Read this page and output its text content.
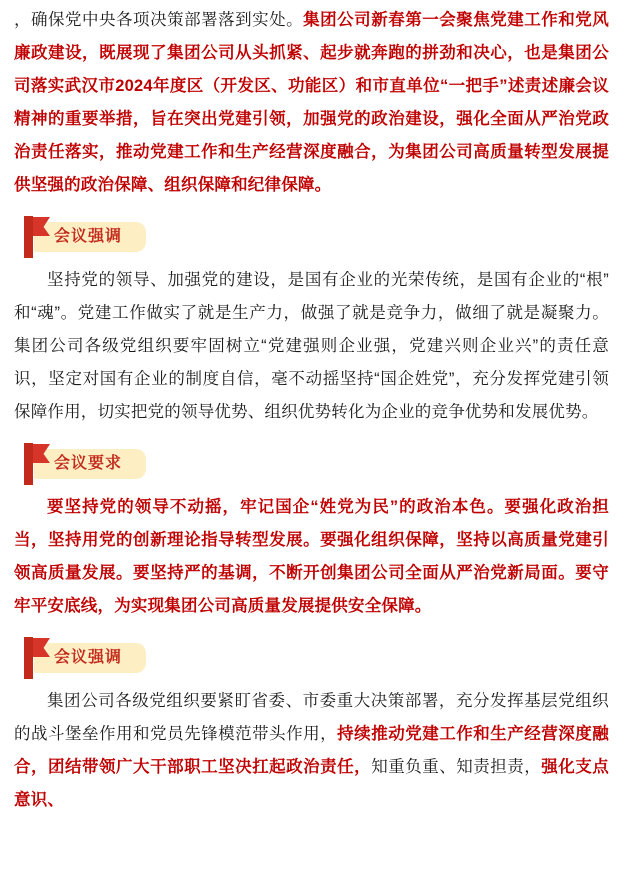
，确保党中央各项决策部署落到实处。集团公司新春第一会聚焦党建工作和党风廉政建设，既展现了集团公司从头抓紧、起步就奔跑的拼劲和决心，也是集团公司落实武汉市2024年度区（开发区、功能区）和市直单位“一把手”述责述廉会议精神的重要举措，旨在突出党建引领，加强党的政治建设，强化全面从严治党政治责任落实，推动党建工作和生产经营深度融合，为集团公司高质量转型发展提供坚强的政治保障、组织保障和纪律保障。

会议强调

坚持党的领导、加强党的建设，是国有企业的光荣传统，是国有企业的“根”和“魂”。党建工作做实了就是生产力，做强了就是竞争力，做细了就是凝聚力。集团公司各级党组织要牢固树立“党建强则企业强，党建兴则企业兴”的责任意识，坚定对国有企业的制度自信，毫不动摇坚持“国企姓党”，充分发挥党建引领保障作用，切实把党的领导优势、组织优势转化为企业的竞争优势和发展优势。

会议要求

要坚持党的领导不动摇，牢记国企“姓党为民”的政治本色。要强化政治担当，坚持用党的创新理论指导转型发展。要强化组织保障，坚持以高质量党建引领高质量发展。要坚持严的基调，不断开创集团公司全面从严治党新局面。要守牢平安底线，为实现集团公司高质量发展提供安全保障。

会议强调

集团公司各级党组织要紧盯省委、市委重大决策部署，充分发挥基层党组织的战斗堡垒作用和党员先锋模范带头作用，持续推动党建工作和生产经营深度融合，团结带领广大干部职工坚决扛起政治责任，知重负重、知责担责，强化支点意识、
